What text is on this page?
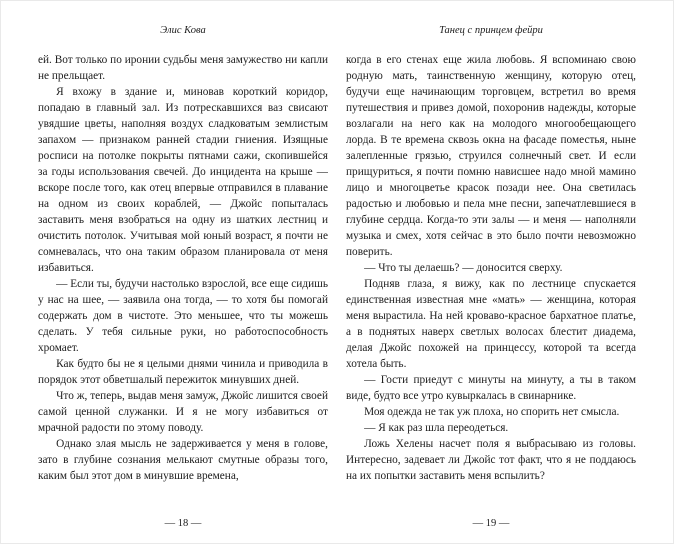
Элис Кова

ей. Вот только по иронии судьбы меня замужество ни капли не прельщает.

Я вхожу в здание и, миновав короткий коридор, попадаю в главный зал. Из потрескавшихся ваз свисают увядшие цветы, наполняя воздух сладковатым землистым запахом — признаком ранней стадии гниения. Изящные росписи на потолке покрыты пятнами сажи, скопившейся за годы использования свечей. До инцидента на крыше — вскоре после того, как отец впервые отправился в плавание на одном из своих кораблей, — Джойс попыталась заставить меня взобраться на одну из шатких лестниц и очистить потолок. Учитывая мой юный возраст, я почти не сомневалась, что она таким образом планировала от меня избавиться.

— Если ты, будучи настолько взрослой, все еще сидишь у нас на шее, — заявила она тогда, — то хотя бы помогай содержать дом в чистоте. Это меньшее, что ты можешь сделать. У тебя сильные руки, но работоспособность хромает.

Как будто бы не я целыми днями чинила и приводила в порядок этот обветшалый пережиток минувших дней.

Что ж, теперь, выдав меня замуж, Джойс лишится своей самой ценной служанки. И я не могу избавиться от мрачной радости по этому поводу.

Однако злая мысль не задерживается у меня в голове, зато в глубине сознания мелькают смутные образы того, каким был этот дом в минувшие времена,

— 18 —
Танец с принцем фейри

когда в его стенах еще жила любовь. Я вспоминаю свою родную мать, таинственную женщину, которую отец, будучи еще начинающим торговцем, встретил во время путешествия и привез домой, похоронив надежды, которые возлагали на него как на молодого многообещающего лорда. В те времена сквозь окна на фасаде поместья, ныне залепленные грязью, струился солнечный свет. И если прищуриться, я почти помню нависшее надо мной мамино лицо и многоцветье красок позади нее. Она светилась радостью и любовью и пела мне песни, запечатлевшиеся в глубине сердца. Когда-то эти залы — и меня — наполняли музыка и смех, хотя сейчас в это было почти невозможно поверить.

— Что ты делаешь? — доносится сверху.

Подняв глаза, я вижу, как по лестнице спускается единственная известная мне «мать» — женщина, которая меня вырастила. На ней кроваво-красное бархатное платье, а в поднятых наверх светлых волосах блестит диадема, делая Джойс похожей на принцессу, которой та всегда хотела быть.

— Гости приедут с минуты на минуту, а ты в таком виде, будто все утро кувыркалась в свинарнике.

Моя одежда не так уж плоха, но спорить нет смысла.

— Я как раз шла переодеться.

Ложь Хелены насчет поля я выбрасываю из головы. Интересно, задевает ли Джойс тот факт, что я не поддаюсь на их попытки заставить меня вспылить?

— 19 —
